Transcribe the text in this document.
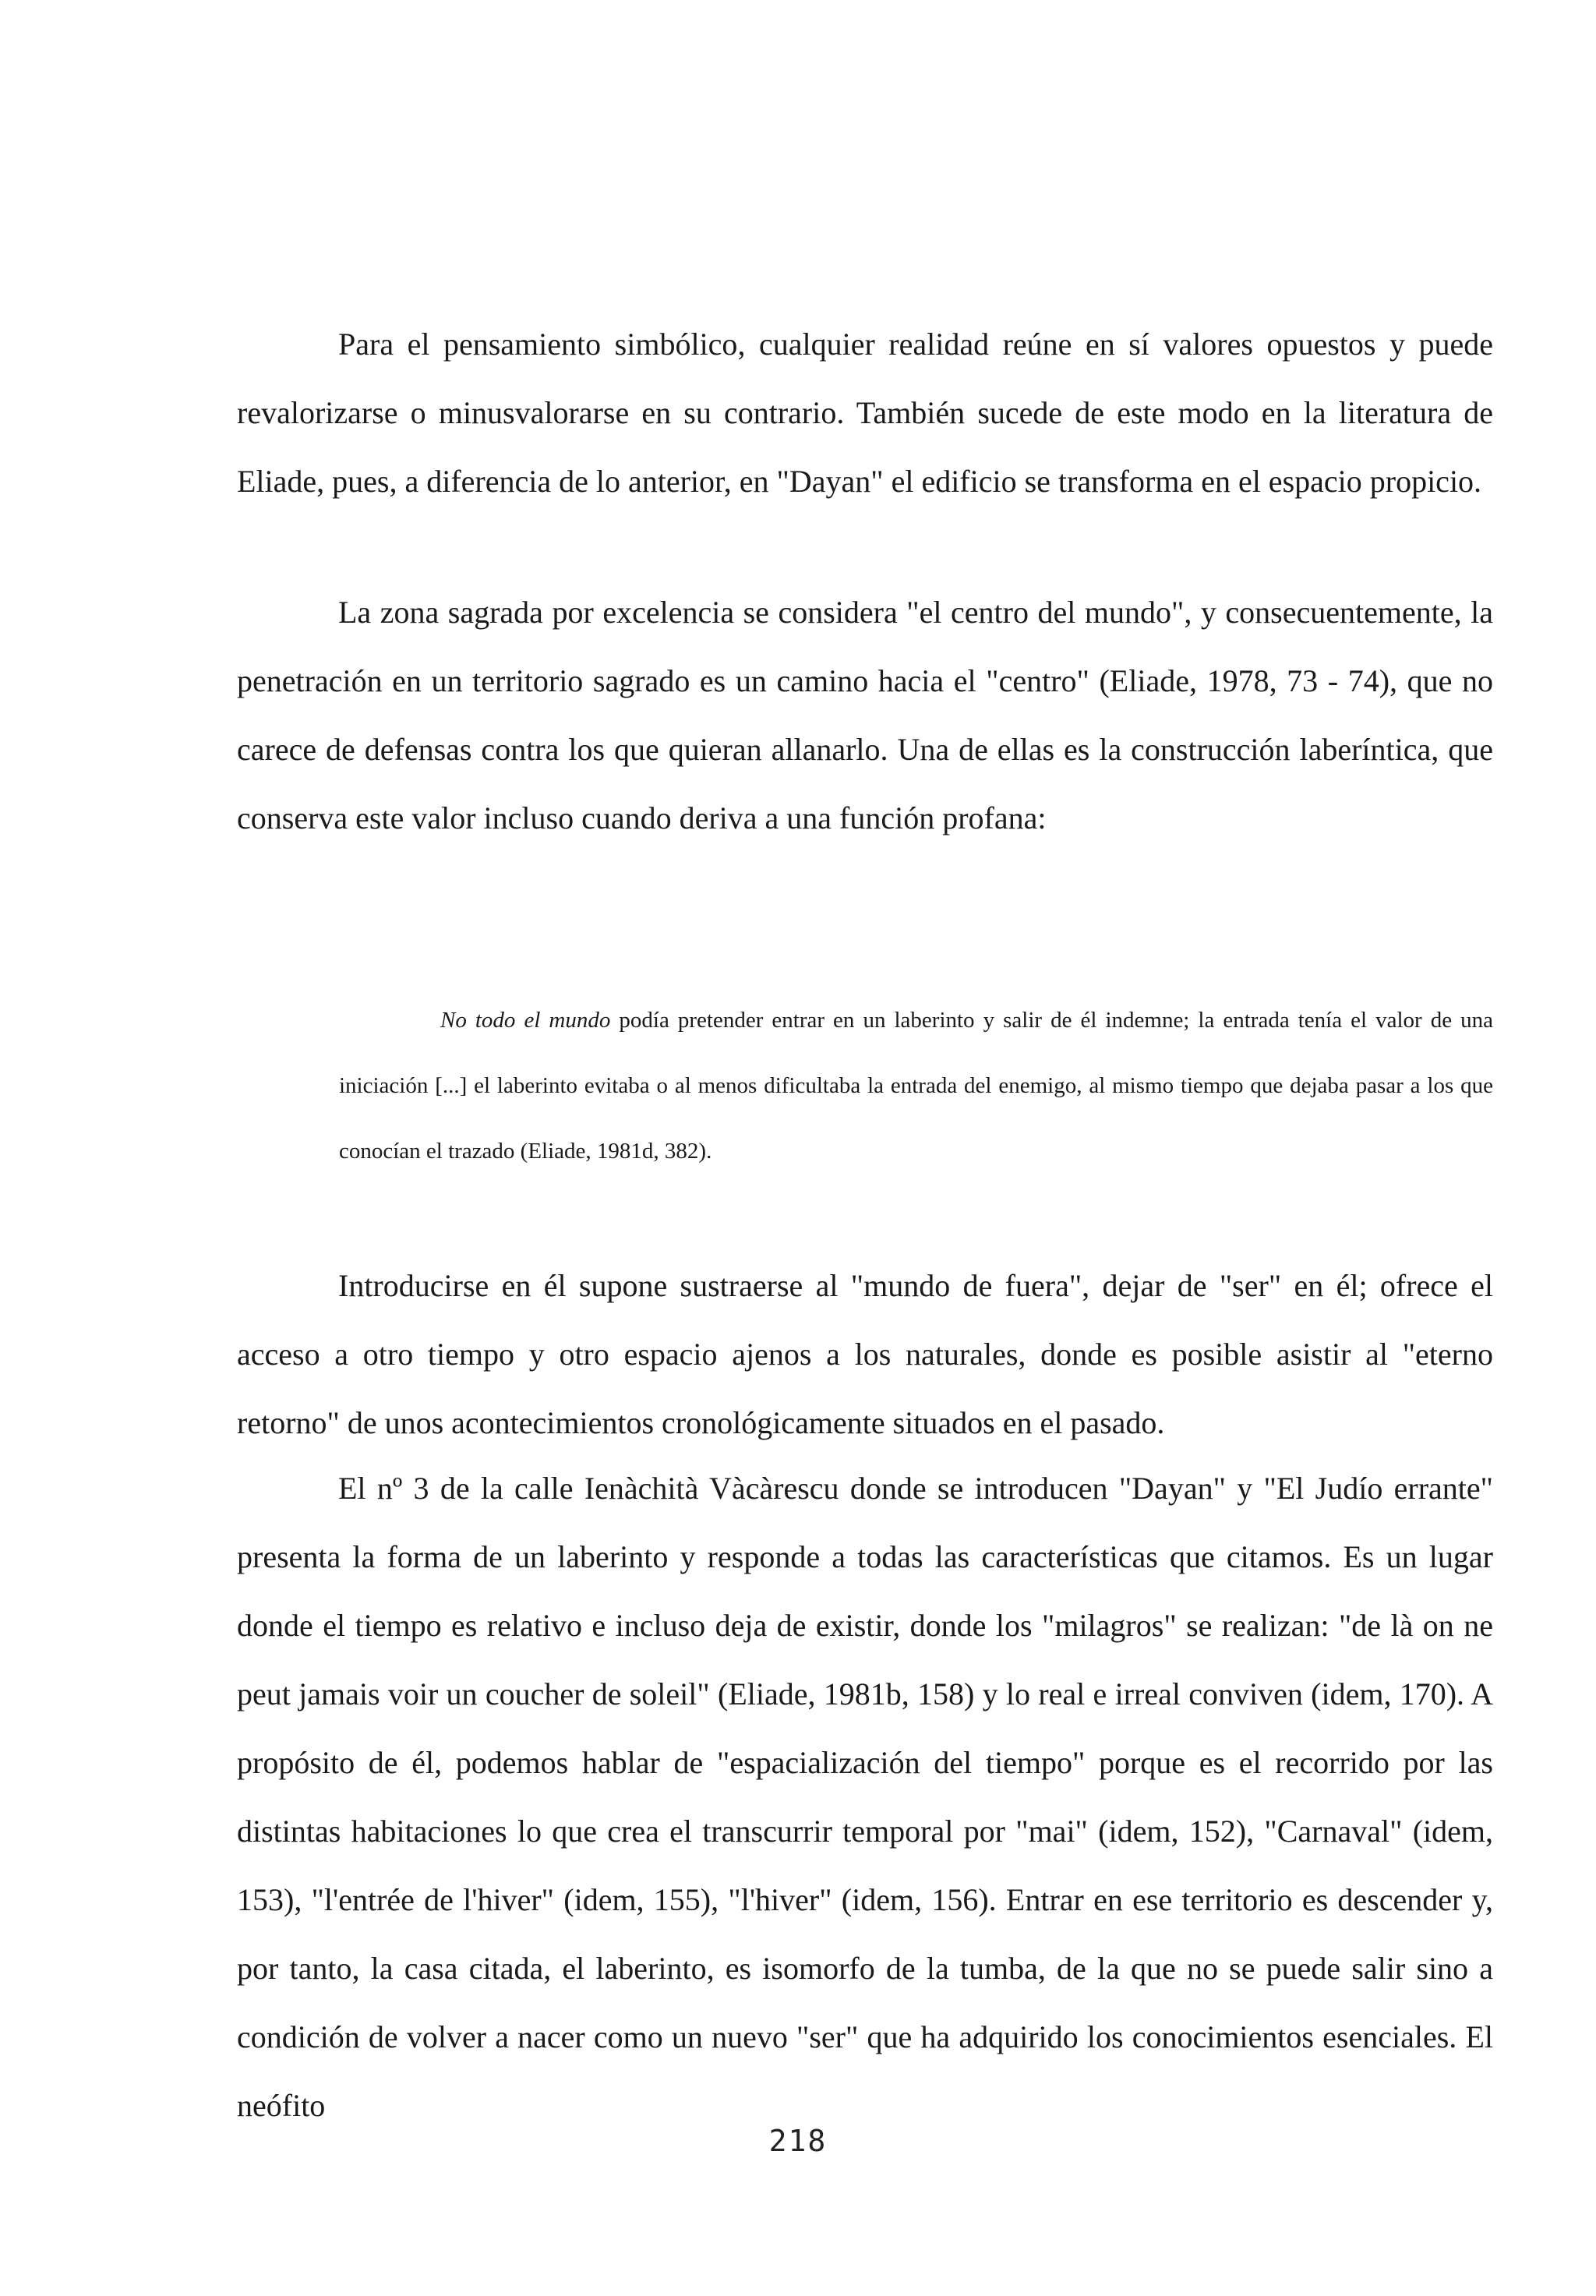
Para el pensamiento simbólico, cualquier realidad reúne en sí valores opuestos y puede revalorizarse o minusvalorarse en su contrario. También sucede de este modo en la literatura de Eliade, pues, a diferencia de lo anterior, en "Dayan" el edificio se transforma en el espacio propicio.

La zona sagrada por excelencia se considera "el centro del mundo", y consecuentemente, la penetración en un territorio sagrado es un camino hacia el "centro" (Eliade, 1978, 73 - 74), que no carece de defensas contra los que quieran allanarlo. Una de ellas es la construcción laberíntica, que conserva este valor incluso cuando deriva a una función profana:

No todo el mundo podía pretender entrar en un laberinto y salir de él indemne; la entrada tenía el valor de una iniciación [...] el laberinto evitaba o al menos dificultaba la entrada del enemigo, al mismo tiempo que dejaba pasar a los que conocían el trazado (Eliade, 1981d, 382).

Introducirse en él supone sustraerse al "mundo de fuera", dejar de "ser" en él; ofrece el acceso a otro tiempo y otro espacio ajenos a los naturales, donde es posible asistir al "eterno retorno" de unos acontecimientos cronológicamente situados en el pasado.

El nº 3 de la calle Ienàchità Vàcàrescu donde se introducen "Dayan" y "El Judío errante" presenta la forma de un laberinto y responde a todas las características que citamos. Es un lugar donde el tiempo es relativo e incluso deja de existir, donde los "milagros" se realizan: "de là on ne peut jamais voir un coucher de soleil" (Eliade, 1981b, 158) y lo real e irreal conviven (idem, 170). A propósito de él, podemos hablar de "espacialización del tiempo" porque es el recorrido por las distintas habitaciones lo que crea el transcurrir temporal por "mai" (idem, 152), "Carnaval" (idem, 153), "l'entrée de l'hiver" (idem, 155), "l'hiver" (idem, 156). Entrar en ese territorio es descender y, por tanto, la casa citada, el laberinto, es isomorfo de la tumba, de la que no se puede salir sino a condición de volver a nacer como un nuevo "ser" que ha adquirido los conocimientos esenciales. El neófito

218
